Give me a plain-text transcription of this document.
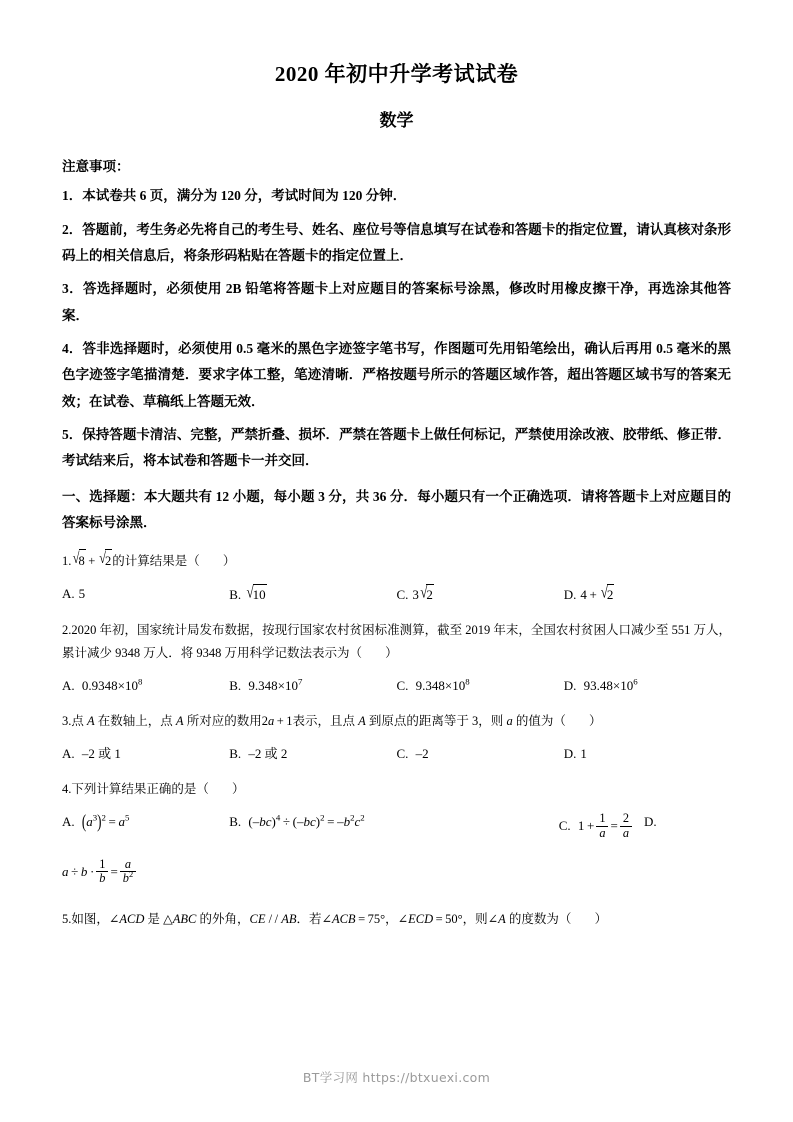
2020 年初中升学考试试卷
数学

注意事项：

1．本试卷共 6 页，满分为 120 分，考试时间为 120 分钟．

2．答题前，考生务必先将自己的考生号、姓名、座位号等信息填写在试卷和答题卡的指定位置，请认真核对条形码上的相关信息后，将条形码粘贴在答题卡的指定位置上．

3．答选择题时，必须使用 2B 铅笔将答题卡上对应题目的答案标号涂黑，修改时用橡皮擦干净，再选涂其他答案．

4．答非选择题时，必须使用 0.5 毫米的黑色字迹签字笔书写，作图题可先用铅笔绘出，确认后再用 0.5 毫米的黑色字迹签字笔描清楚．要求字体工整，笔迹清晰．严格按题号所示的答题区域作答，超出答题区域书写的答案无效；在试卷、草稿纸上答题无效．

5．保持答题卡清洁、完整，严禁折叠、损坏．严禁在答题卡上做任何标记，严禁使用涂改液、胶带纸、修正带．考试结来后，将本试卷和答题卡一并交回．

一、选择题：本大题共有 12 小题，每小题 3 分，共 36 分．每小题只有一个正确选项．请将答题卡上对应题目的答案标号涂黑．

1.√8 + √2的计算结果是（ ）
A. 5	B. √10	C. 3√2	D. 4 + √2
2.2020 年初，国家统计局发布数据，按现行国家农村贫困标准测算，截至 2019 年末，全国农村贫困人口减少至 551 万人，累计减少 9348 万人．将 9348 万用科学记数法表示为（ ）
A. $0.9348\times 10^8$	B. $9.348\times 10^7$	C. $9.348\times 10^8$	D. $93.48\times 10^6$
3.点 A 在数轴上，点 A 所对应的数用2a + 1表示，且点 A 到原点的距离等于 3，则 a 的值为（ ）
A. –2 或 1	B. –2 或 2	C. –2	D. 1
4.下列计算结果正确的是（ ）
A. $(a^3)^2 = a^5$	B. $(-bc)^4 \div (-bc)^2 = -b^2c^2$
C. $1 + \frac{1}{a} = \frac{2}{a} D$.
$a \div b \cdot \frac{1}{b} = \frac{a}{b^2}$
5.如图，∠ACD 是 △ABC 的外角，CE / / AB．若∠ACB = 75°，∠ECD = 50°，则∠A 的度数为（ ）
BT学习网 https://btxuexi.com
